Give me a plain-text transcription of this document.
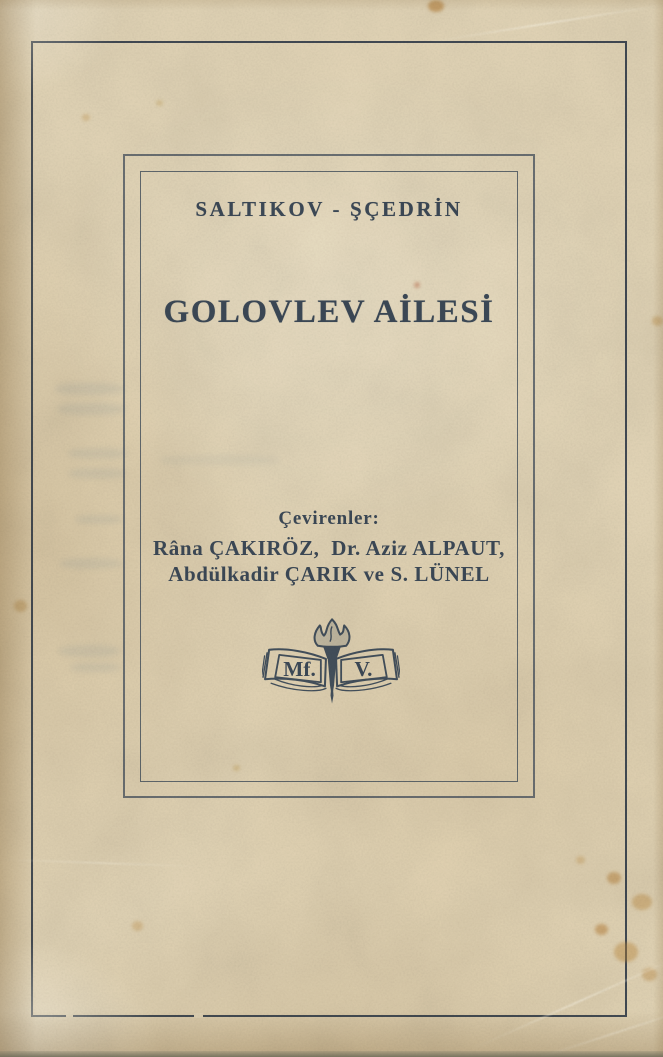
SALTIKOV - ŞÇEDRİN
GOLOVLEV AİLESİ
Çevirenler:
Râna ÇAKIRÖZ,  Dr. Aziz ALPAUT,
Abdülkadir ÇARIK ve S. LÜNEL
Mf. V.
